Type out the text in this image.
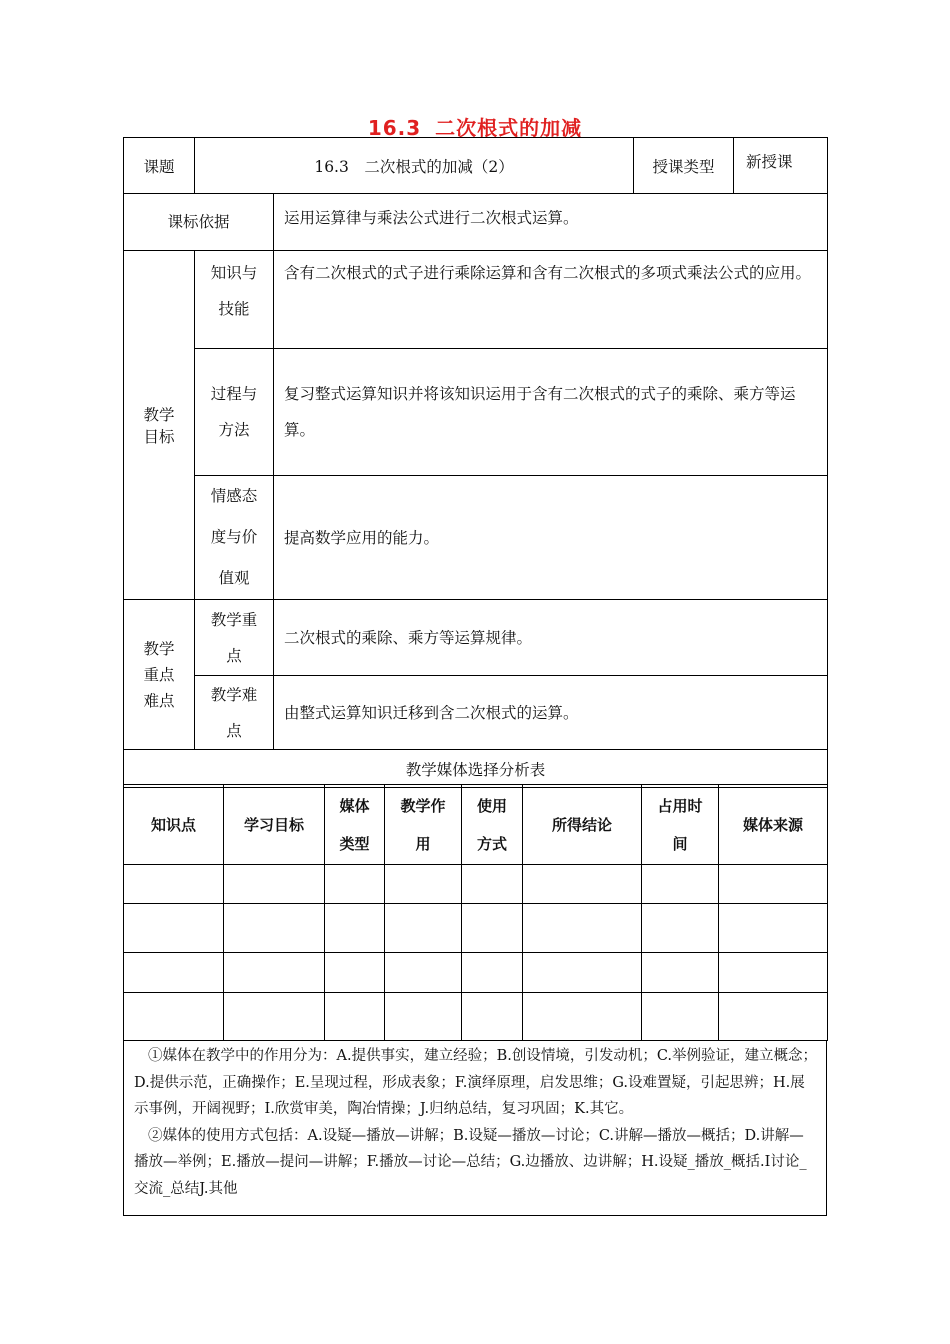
16.3 二次根式的加减
课题	16.3　二次根式的加减（2）		授课类型	新授课
课标依据		运用运算律与乘法公式进行二次根式运算。		
教学目标	知识与技能	含有二次根式的式子进行乘除运算和含有二次根式的多项式乘法公式的应用。		
	过程与方法	复习整式运算知识并将该知识运用于含有二次根式的式子的乘除、乘方等运算。		
	情感态度与价值观	提高数学应用的能力。		
教学重点难点	教学重点	二次根式的乘除、乘方等运算规律。		
	教学难点	由整式运算知识迁移到含二次根式的运算。		
教学媒体选择分析表				
知识点	学习目标	媒体类型	教学作用	使用方式	所得结论	占用时间	媒体来源

①媒体在教学中的作用分为：A.提供事实，建立经验；B.创设情境，引发动机；C.举例验证，建立概念；D.提供示范，正确操作；E.呈现过程，形成表象；F.演绎原理，启发思维；G.设难置疑，引起思辨；H.展示事例，开阔视野；I.欣赏审美，陶冶情操；J.归纳总结，复习巩固；K.其它。

②媒体的使用方式包括：A.设疑—播放—讲解；B.设疑—播放—讨论；C.讲解—播放—概括；D.讲解—播放—举例；E.播放—提问—讲解；F.播放—讨论—总结；G.边播放、边讲解；H.设疑_播放_概括.I讨论_交流_总结J.其他
